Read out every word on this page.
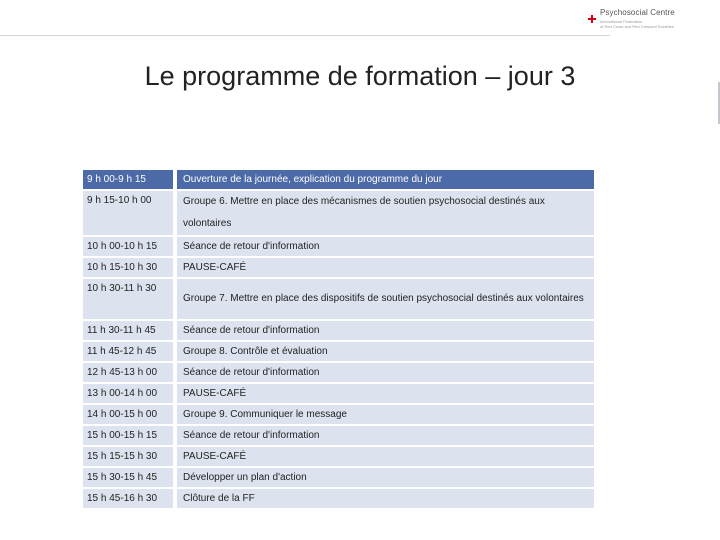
Psychosocial Centre
International Federation
of Red Cross and Red Crescent Societies
Le programme de formation – jour 3
9 h 00-9 h 15	Ouverture de la journée, explication du programme du jour
9 h 15-10 h 00	Groupe 6. Mettre en place des mécanismes de soutien psychosocial destinés aux volontaires
10 h 00-10 h 15	Séance de retour d'information
10 h 15-10 h 30	PAUSE-CAFÉ
10 h 30-11 h 30	Groupe 7. Mettre en place des dispositifs de soutien psychosocial destinés aux volontaires
11 h 30-11 h 45	Séance de retour d'information
11 h 45-12 h 45	Groupe 8. Contrôle et évaluation
12 h 45-13 h 00	Séance de retour d'information
13 h 00-14 h 00	PAUSE-CAFÉ
14 h 00-15 h 00	Groupe 9. Communiquer le message
15 h 00-15 h 15	Séance de retour d'information
15 h 15-15 h 30	PAUSE-CAFÉ
15 h 30-15 h 45	Développer un plan d'action
15 h 45-16 h 30	Clôture de la FF
